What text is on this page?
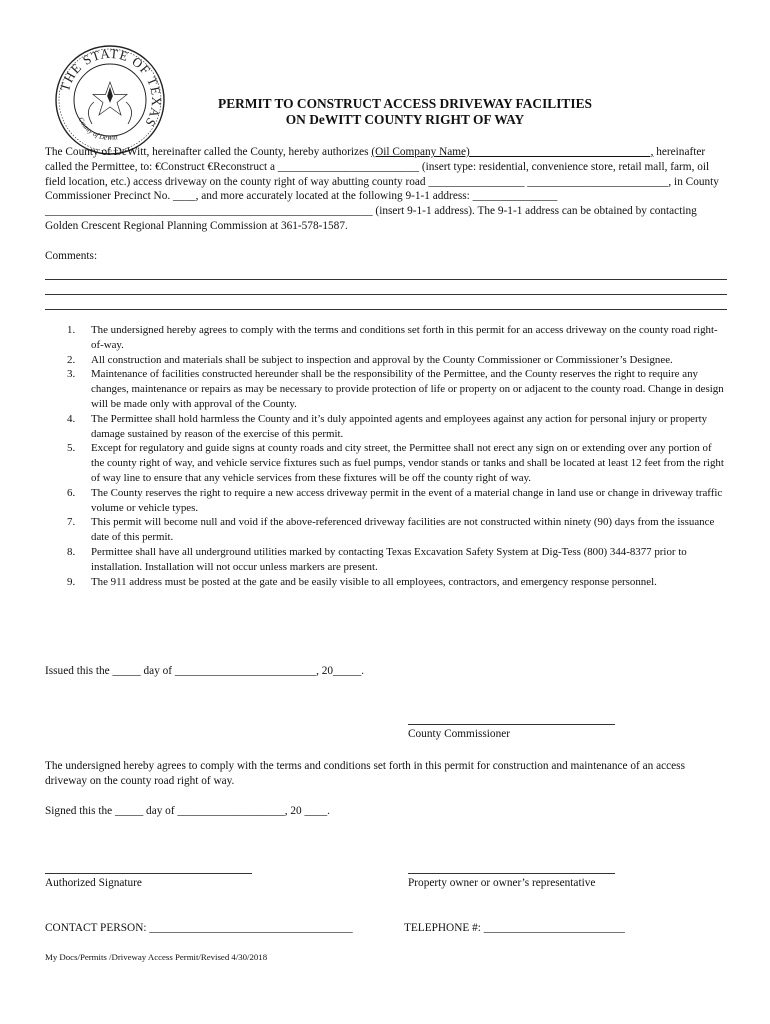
THE STATE OF TEXAS
County of DeWitt
PERMIT TO CONSTRUCT ACCESS DRIVEWAY FACILITIES
ON DeWITT COUNTY RIGHT OF WAY
The County of DeWitt, hereinafter called the County, hereby authorizes (Oil Company Name)________________________________, hereinafter called the Permittee, to: €Construct €Reconstruct a _________________________ (insert type: residential, convenience store, retail mall, farm, oil field location, etc.) access driveway on the county right of way abutting county road _________________ _________________________, in County Commissioner Precinct No. ____, and more accurately located at the following 9-1-1 address: _______________ __________________________________________________________ (insert 9-1-1 address). The 9-1-1 address can be obtained by contacting Golden Crescent Regional Planning Commission at 361-578-1587.
Comments:
1. The undersigned hereby agrees to comply with the terms and conditions set forth in this permit for an access driveway on the county road right-of-way.
2. All construction and materials shall be subject to inspection and approval by the County Commissioner or Commissioner’s Designee.
3. Maintenance of facilities constructed hereunder shall be the responsibility of the Permittee, and the County reserves the right to require any changes, maintenance or repairs as may be necessary to provide protection of life or property on or adjacent to the county road. Change in design will be made only with approval of the County.
4. The Permittee shall hold harmless the County and it’s duly appointed agents and employees against any action for personal injury or property damage sustained by reason of the exercise of this permit.
5. Except for regulatory and guide signs at county roads and city street, the Permittee shall not erect any sign on or extending over any portion of the county right of way, and vehicle service fixtures such as fuel pumps, vendor stands or tanks and shall be located at least 12 feet from the right of way line to ensure that any vehicle services from these fixtures will be off the county right of way.
6. The County reserves the right to require a new access driveway permit in the event of a material change in land use or change in driveway traffic volume or vehicle types.
7. This permit will become null and void if the above-referenced driveway facilities are not constructed within ninety (90) days from the issuance date of this permit.
8. Permittee shall have all underground utilities marked by contacting Texas Excavation Safety System at Dig-Tess (800) 344-8377 prior to installation. Installation will not occur unless markers are present.
9. The 911 address must be posted at the gate and be easily visible to all employees, contractors, and emergency response personnel.
Issued this the _____ day of _________________________, 20_____.
County Commissioner
The undersigned hereby agrees to comply with the terms and conditions set forth in this permit for construction and maintenance of an access driveway on the county road right of way.
Signed this the _____ day of ___________________, 20 ____.
Authorized Signature	Property owner or owner’s representative
CONTACT PERSON: ____________________________________	TELEPHONE #: _________________________
My Docs/Permits /Driveway Access Permit/Revised 4/30/2018
